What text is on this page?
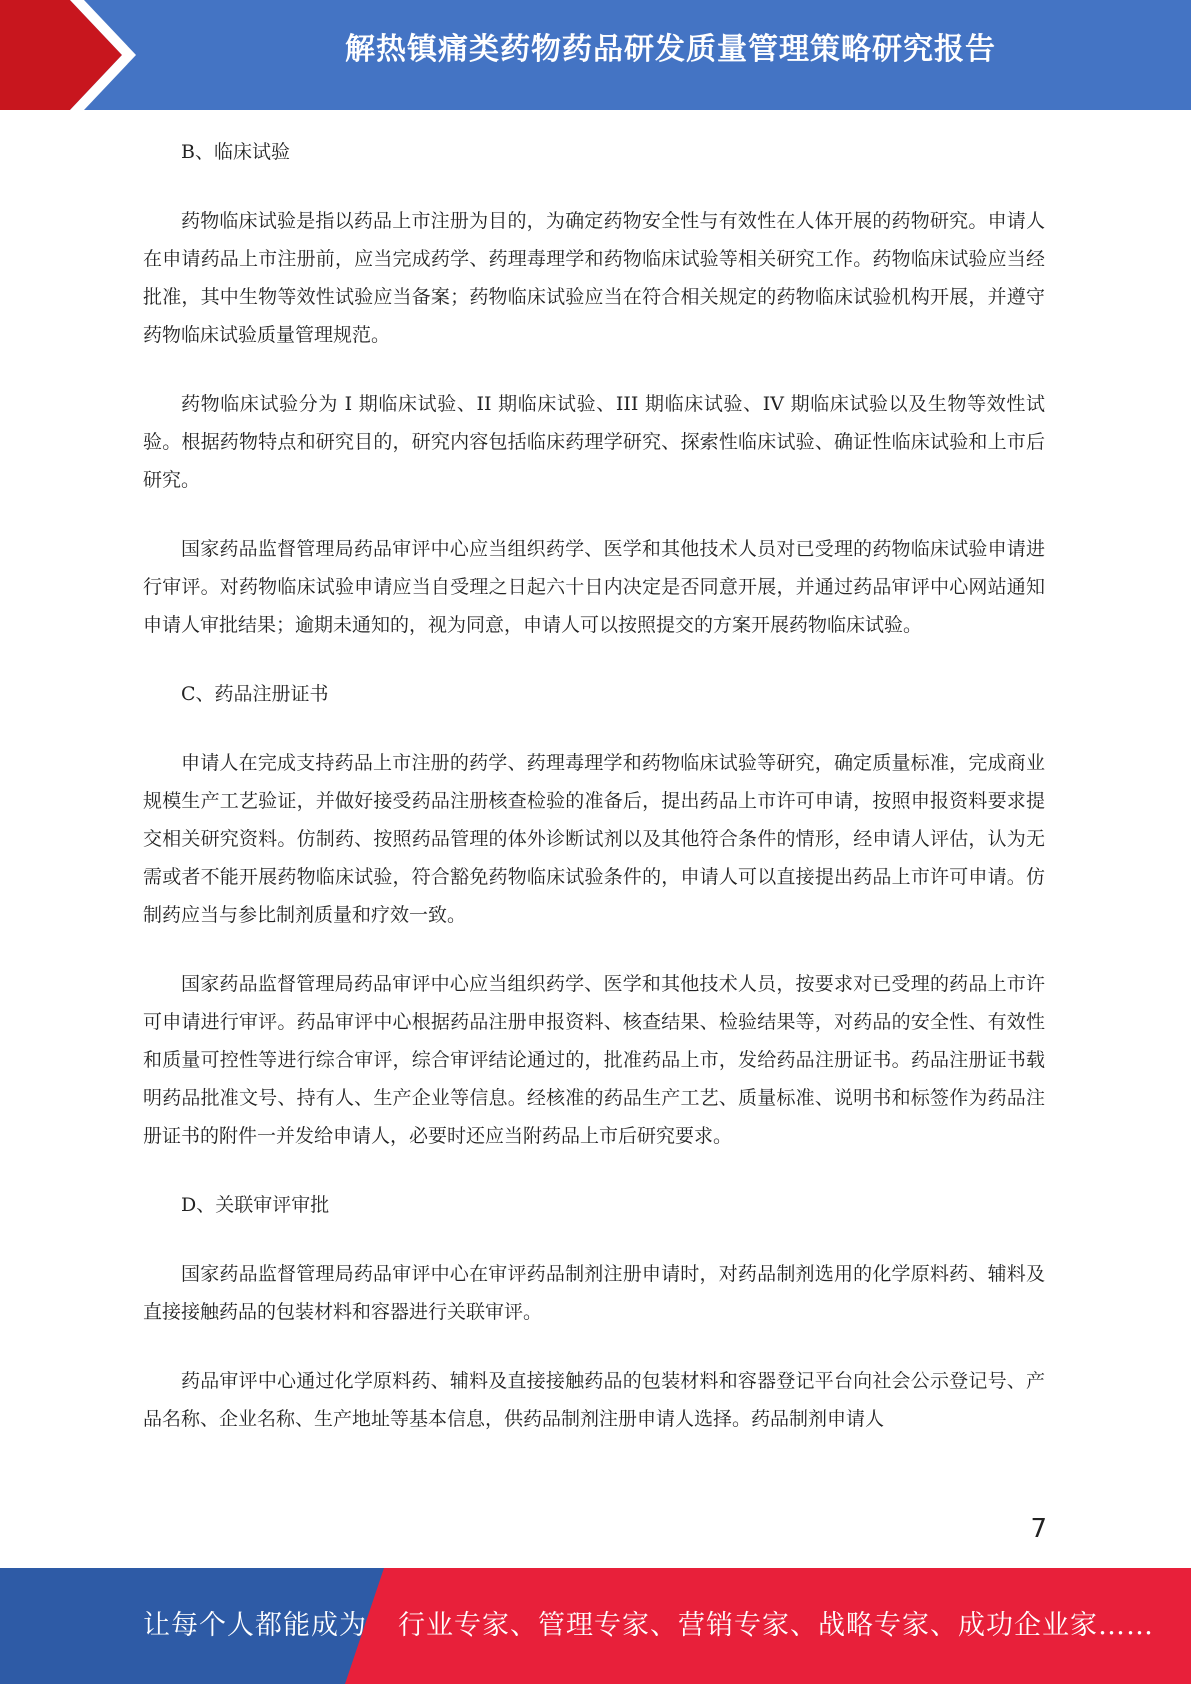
解热镇痛类药物药品研发质量管理策略研究报告

B、临床试验

药物临床试验是指以药品上市注册为目的，为确定药物安全性与有效性在人体开展的药物研究。申请人在申请药品上市注册前，应当完成药学、药理毒理学和药物临床试验等相关研究工作。药物临床试验应当经批准，其中生物等效性试验应当备案；药物临床试验应当在符合相关规定的药物临床试验机构开展，并遵守药物临床试验质量管理规范。

药物临床试验分为 I 期临床试验、II 期临床试验、III 期临床试验、IV 期临床试验以及生物等效性试验。根据药物特点和研究目的，研究内容包括临床药理学研究、探索性临床试验、确证性临床试验和上市后研究。

国家药品监督管理局药品审评中心应当组织药学、医学和其他技术人员对已受理的药物临床试验申请进行审评。对药物临床试验申请应当自受理之日起六十日内决定是否同意开展，并通过药品审评中心网站通知申请人审批结果；逾期未通知的，视为同意，申请人可以按照提交的方案开展药物临床试验。

C、药品注册证书

申请人在完成支持药品上市注册的药学、药理毒理学和药物临床试验等研究，确定质量标准，完成商业规模生产工艺验证，并做好接受药品注册核查检验的准备后，提出药品上市许可申请，按照申报资料要求提交相关研究资料。仿制药、按照药品管理的体外诊断试剂以及其他符合条件的情形，经申请人评估，认为无需或者不能开展药物临床试验，符合豁免药物临床试验条件的，申请人可以直接提出药品上市许可申请。仿制药应当与参比制剂质量和疗效一致。

国家药品监督管理局药品审评中心应当组织药学、医学和其他技术人员，按要求对已受理的药品上市许可申请进行审评。药品审评中心根据药品注册申报资料、核查结果、检验结果等，对药品的安全性、有效性和质量可控性等进行综合审评，综合审评结论通过的，批准药品上市，发给药品注册证书。药品注册证书载明药品批准文号、持有人、生产企业等信息。经核准的药品生产工艺、质量标准、说明书和标签作为药品注册证书的附件一并发给申请人，必要时还应当附药品上市后研究要求。

D、关联审评审批

国家药品监督管理局药品审评中心在审评药品制剂注册申请时，对药品制剂选用的化学原料药、辅料及直接接触药品的包装材料和容器进行关联审评。

药品审评中心通过化学原料药、辅料及直接接触药品的包装材料和容器登记平台向社会公示登记号、产品名称、企业名称、生产地址等基本信息，供药品制剂注册申请人选择。药品制剂申请人

7
让每个人都能成为 行业专家、管理专家、营销专家、战略专家、成功企业家……
